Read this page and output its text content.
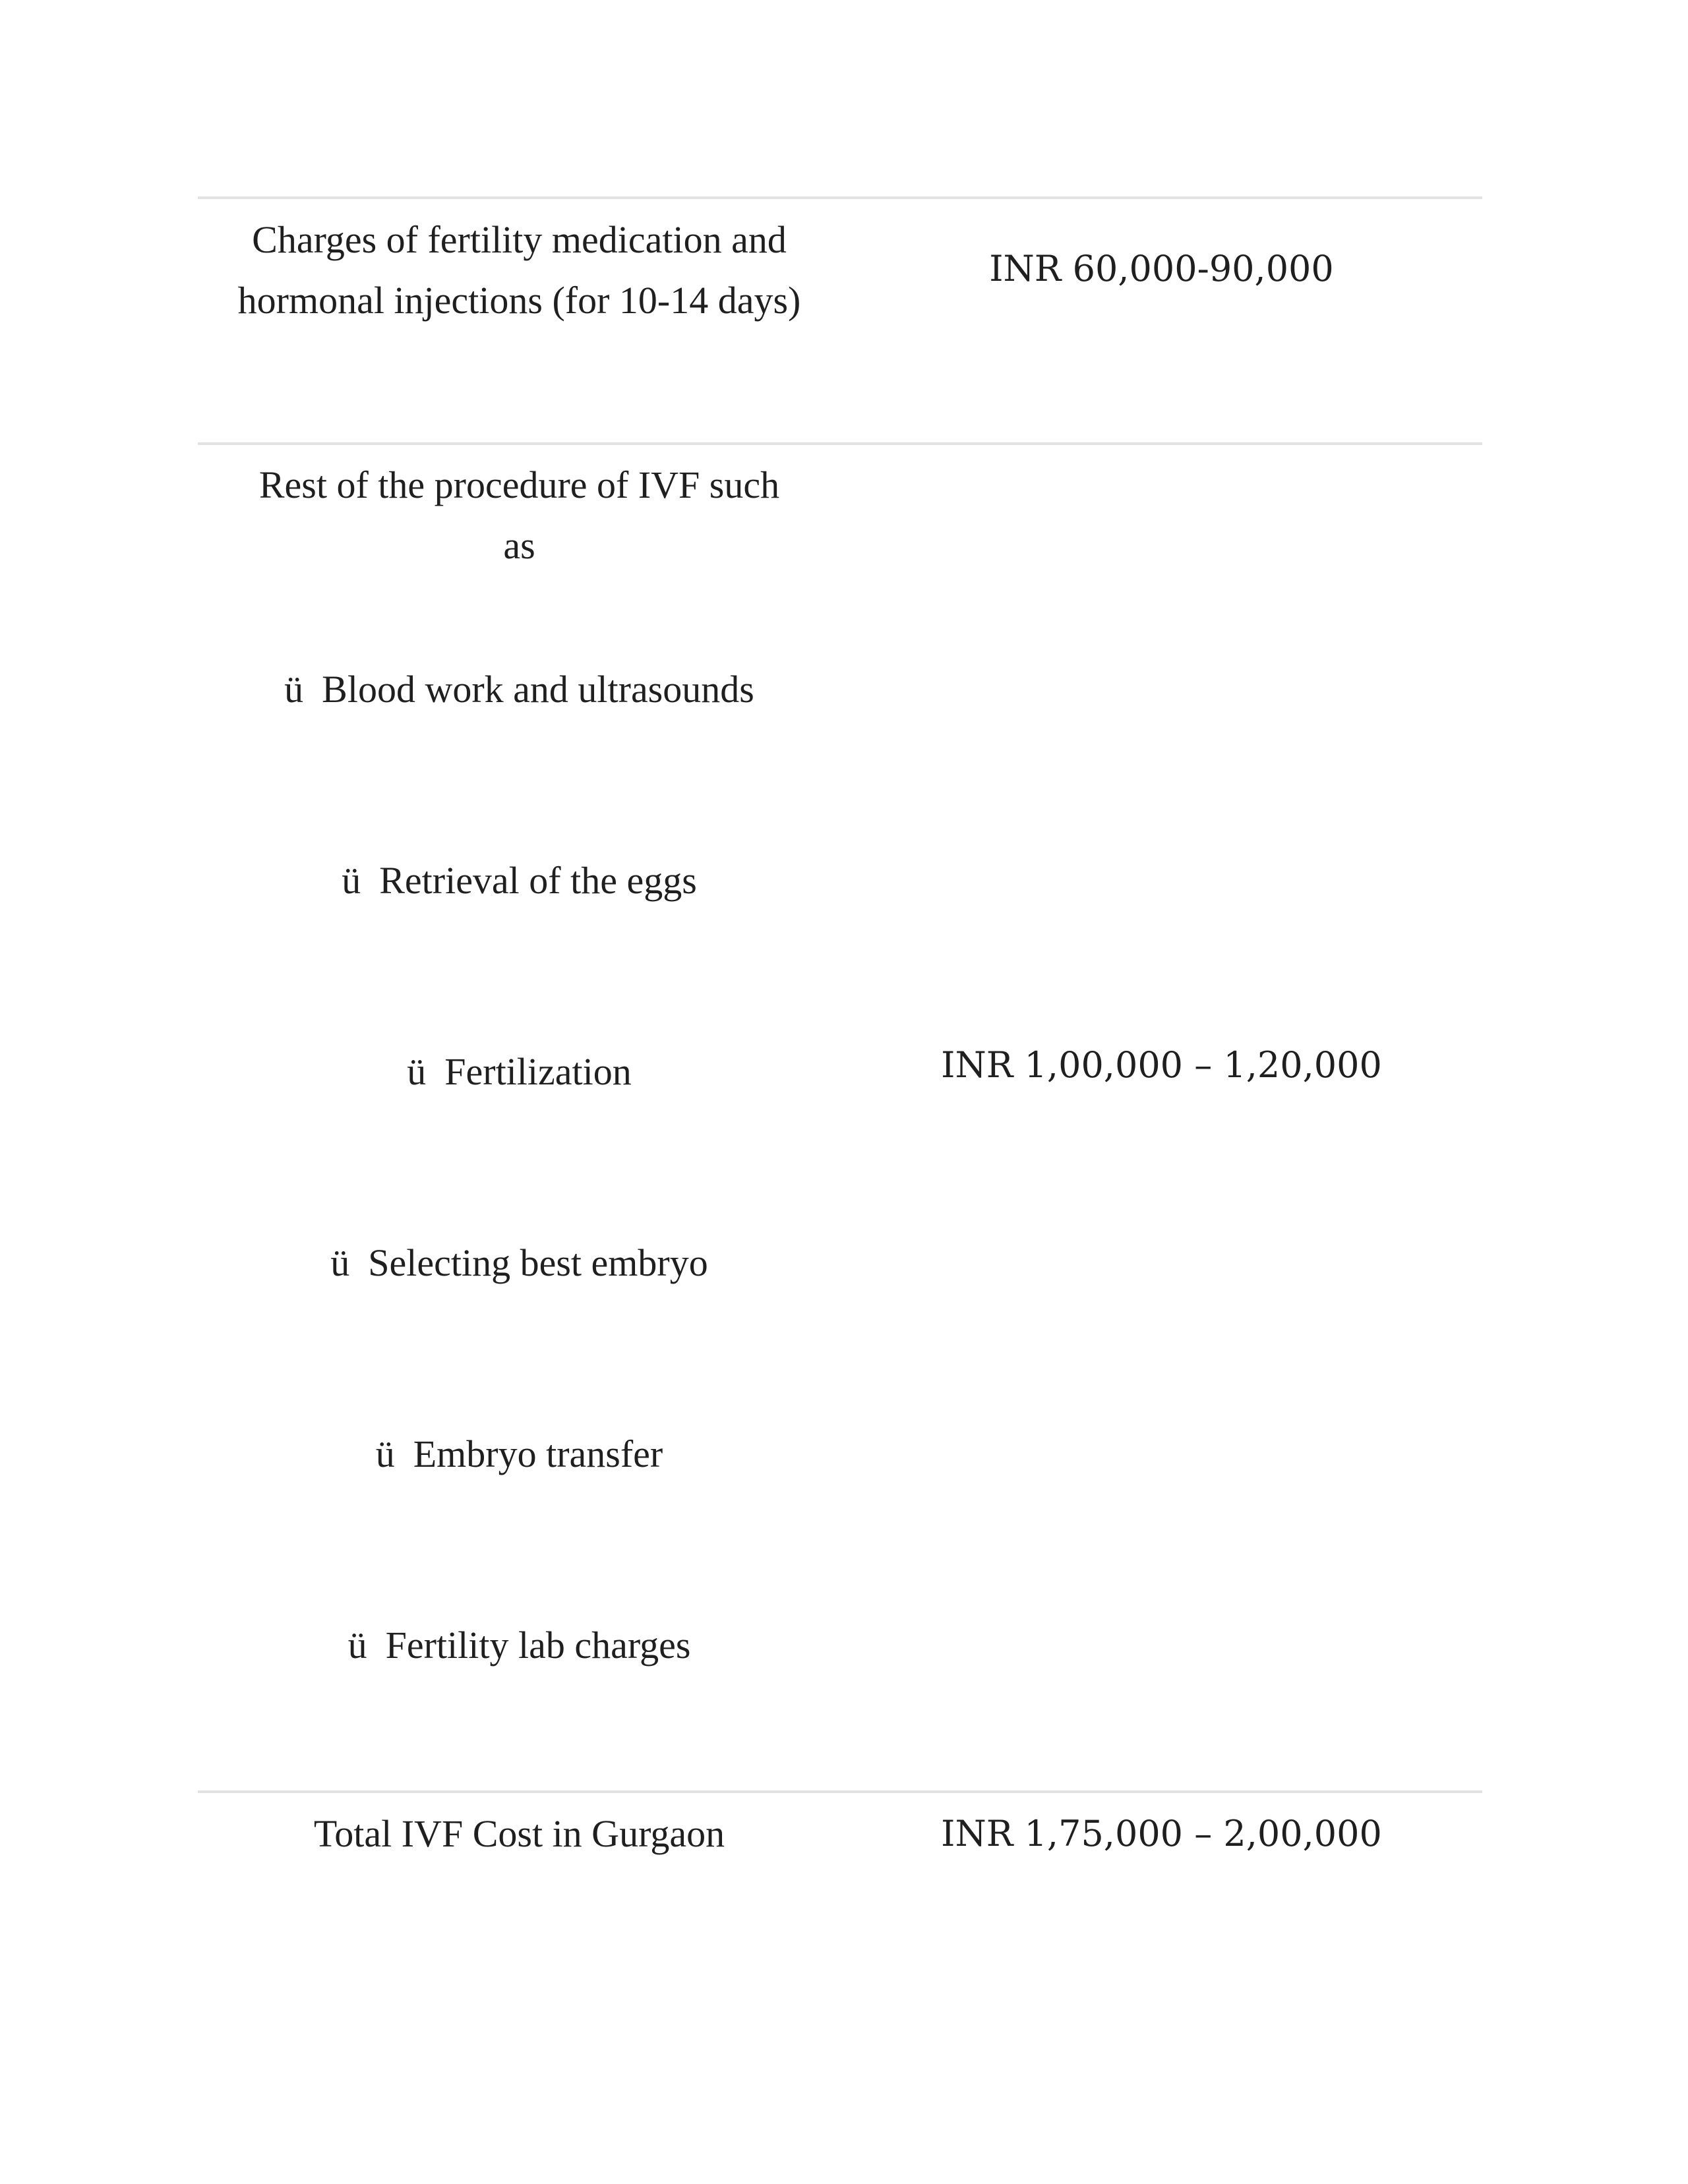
Charges of fertility medication and
hormonal injections (for 10-14 days)
INR 60,000-90,000
Rest of the procedure of IVF such
as
ü Blood work and ultrasounds
ü Retrieval of the eggs
ü Fertilization
ü Selecting best embryo
ü Embryo transfer
ü Fertility lab charges
INR 1,00,000 – 1,20,000
Total IVF Cost in Gurgaon	INR 1,75,000 – 2,00,000
